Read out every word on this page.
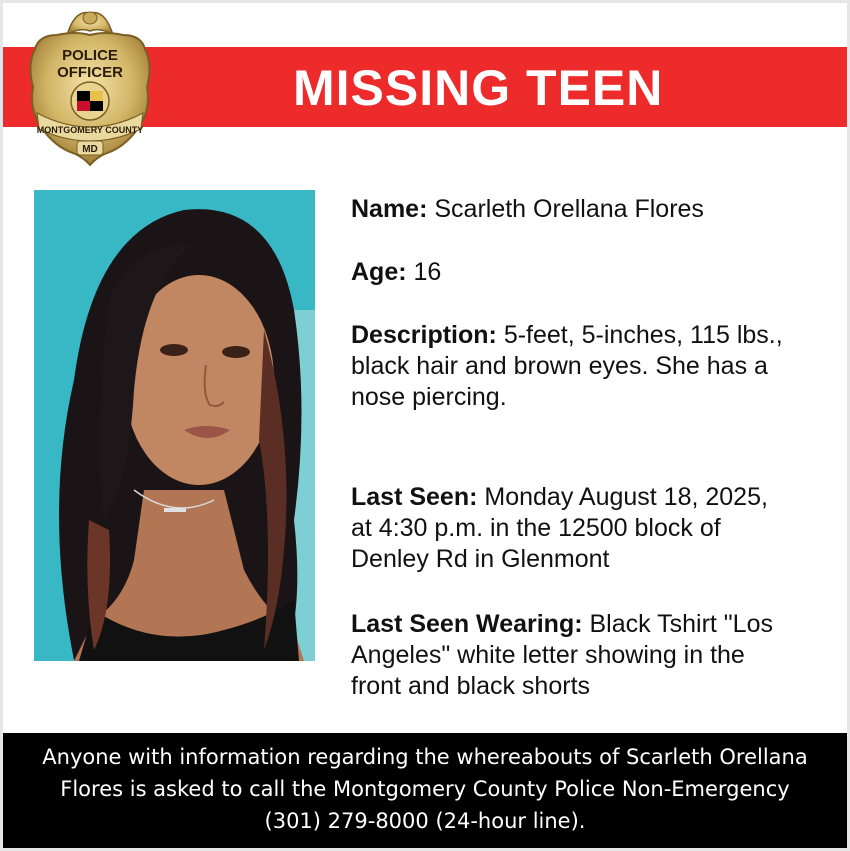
MISSING TEEN
POLICE
OFFICER
MONTGOMERY COUNTY
MD

Name: Scarleth Orellana Flores

Age: 16

Description: 5-feet, 5-inches, 115 lbs., black hair and brown eyes. She has a nose piercing.

Last Seen: Monday August 18, 2025, at 4:30 p.m. in the 12500 block of Denley Rd in Glenmont

Last Seen Wearing: Black Tshirt "Los Angeles" white letter showing in the front and black shorts

Anyone with information regarding the whereabouts of Scarleth Orellana Flores is asked to call the Montgomery County Police Non-Emergency (301) 279-8000 (24-hour line).
